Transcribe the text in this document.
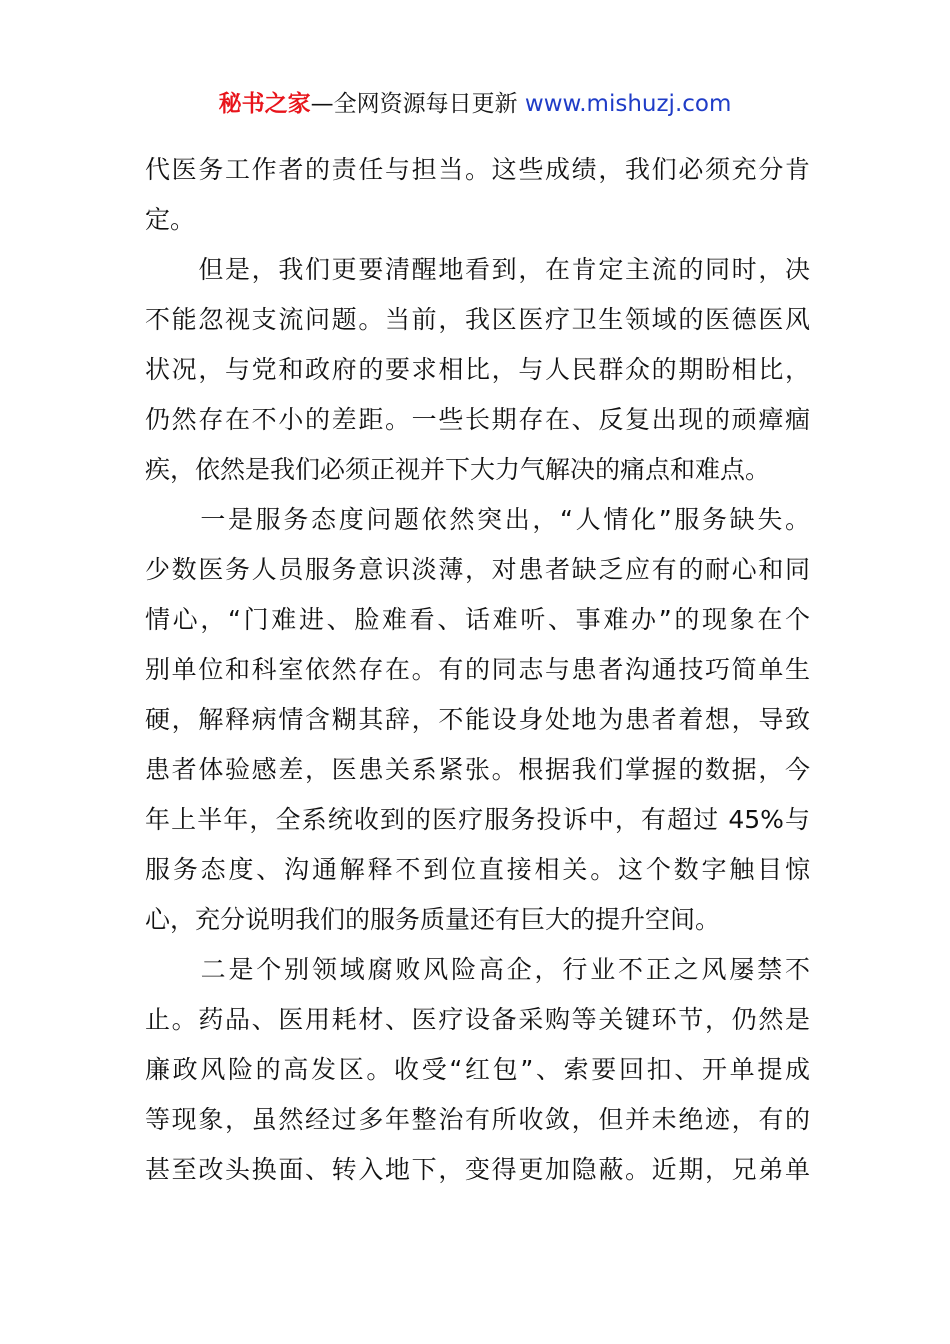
秘书之家—全网资源每日更新 www.mishuzj.com
代医务工作者的责任与担当。这些成绩，我们必须充分肯
定。
　　但是，我们更要清醒地看到，在肯定主流的同时，决
不能忽视支流问题。当前，我区医疗卫生领域的医德医风
状况，与党和政府的要求相比，与人民群众的期盼相比，
仍然存在不小的差距。一些长期存在、反复出现的顽瘴痼
疾，依然是我们必须正视并下大力气解决的痛点和难点。
　　一是服务态度问题依然突出，“人情化”服务缺失。
少数医务人员服务意识淡薄，对患者缺乏应有的耐心和同
情心，“门难进、脸难看、话难听、事难办”的现象在个
别单位和科室依然存在。有的同志与患者沟通技巧简单生
硬，解释病情含糊其辞，不能设身处地为患者着想，导致
患者体验感差，医患关系紧张。根据我们掌握的数据，今
年上半年，全系统收到的医疗服务投诉中，有超过 45%与
服务态度、沟通解释不到位直接相关。这个数字触目惊
心，充分说明我们的服务质量还有巨大的提升空间。
　　二是个别领域腐败风险高企，行业不正之风屡禁不
止。药品、医用耗材、医疗设备采购等关键环节，仍然是
廉政风险的高发区。收受“红包”、索要回扣、开单提成
等现象，虽然经过多年整治有所收敛，但并未绝迹，有的
甚至改头换面、转入地下，变得更加隐蔽。近期，兄弟单
